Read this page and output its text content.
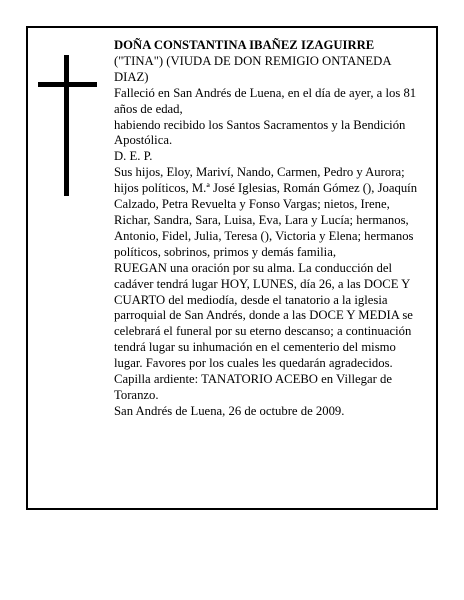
DOÑA CONSTANTINA IBAÑEZ IZAGUIRRE

("TINA") (VIUDA DE DON REMIGIO ONTANEDA DIAZ)

Falleció en San Andrés de Luena, en el día de ayer, a los 81 años de edad,

habiendo recibido los Santos Sacramentos y la Bendición Apostólica.

D. E. P.

Sus hijos, Eloy, Mariví, Nando, Carmen, Pedro y Aurora; hijos políticos, M.ª José Iglesias, Román Gómez (), Joaquín Calzado, Petra Revuelta y Fonso Vargas; nietos, Irene, Richar, Sandra, Sara, Luisa, Eva, Lara y Lucía; hermanos, Antonio, Fidel, Julia, Teresa (), Victoria y Elena; hermanos políticos, sobrinos, primos y demás familia,

RUEGAN una oración por su alma. La conducción del cadáver tendrá lugar HOY, LUNES, día 26, a las DOCE Y CUARTO del mediodía, desde el tanatorio a la iglesia parroquial de San Andrés, donde a las DOCE Y MEDIA se celebrará el funeral por su eterno descanso; a continuación tendrá lugar su inhumación en el cementerio del mismo lugar. Favores por los cuales les quedarán agradecidos. Capilla ardiente: TANATORIO ACEBO en Villegar de Toranzo.

San Andrés de Luena, 26 de octubre de 2009.
